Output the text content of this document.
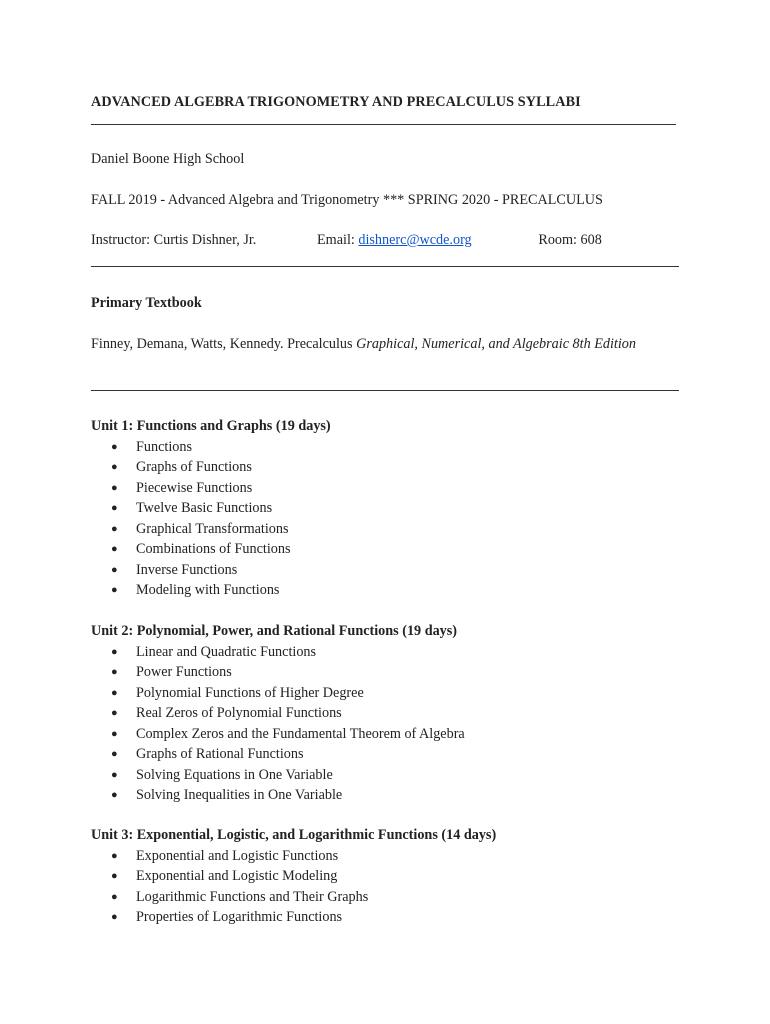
ADVANCED ALGEBRA TRIGONOMETRY AND PRECALCULUS SYLLABI
Daniel Boone High School
FALL 2019 - Advanced Algebra and Trigonometry *** SPRING 2020 - PRECALCULUS
Instructor: Curtis Dishner, Jr.	Email: dishnerc@wcde.org	Room: 608
Primary Textbook
Finney, Demana, Watts, Kennedy. Precalculus Graphical, Numerical, and Algebraic 8th Edition
Unit 1: Functions and Graphs (19 days)
● Functions
● Graphs of Functions
● Piecewise Functions
● Twelve Basic Functions
● Graphical Transformations
● Combinations of Functions
● Inverse Functions
● Modeling with Functions
Unit 2: Polynomial, Power, and Rational Functions (19 days)
● Linear and Quadratic Functions
● Power Functions
● Polynomial Functions of Higher Degree
● Real Zeros of Polynomial Functions
● Complex Zeros and the Fundamental Theorem of Algebra
● Graphs of Rational Functions
● Solving Equations in One Variable
● Solving Inequalities in One Variable
Unit 3: Exponential, Logistic, and Logarithmic Functions (14 days)
● Exponential and Logistic Functions
● Exponential and Logistic Modeling
● Logarithmic Functions and Their Graphs
● Properties of Logarithmic Functions
